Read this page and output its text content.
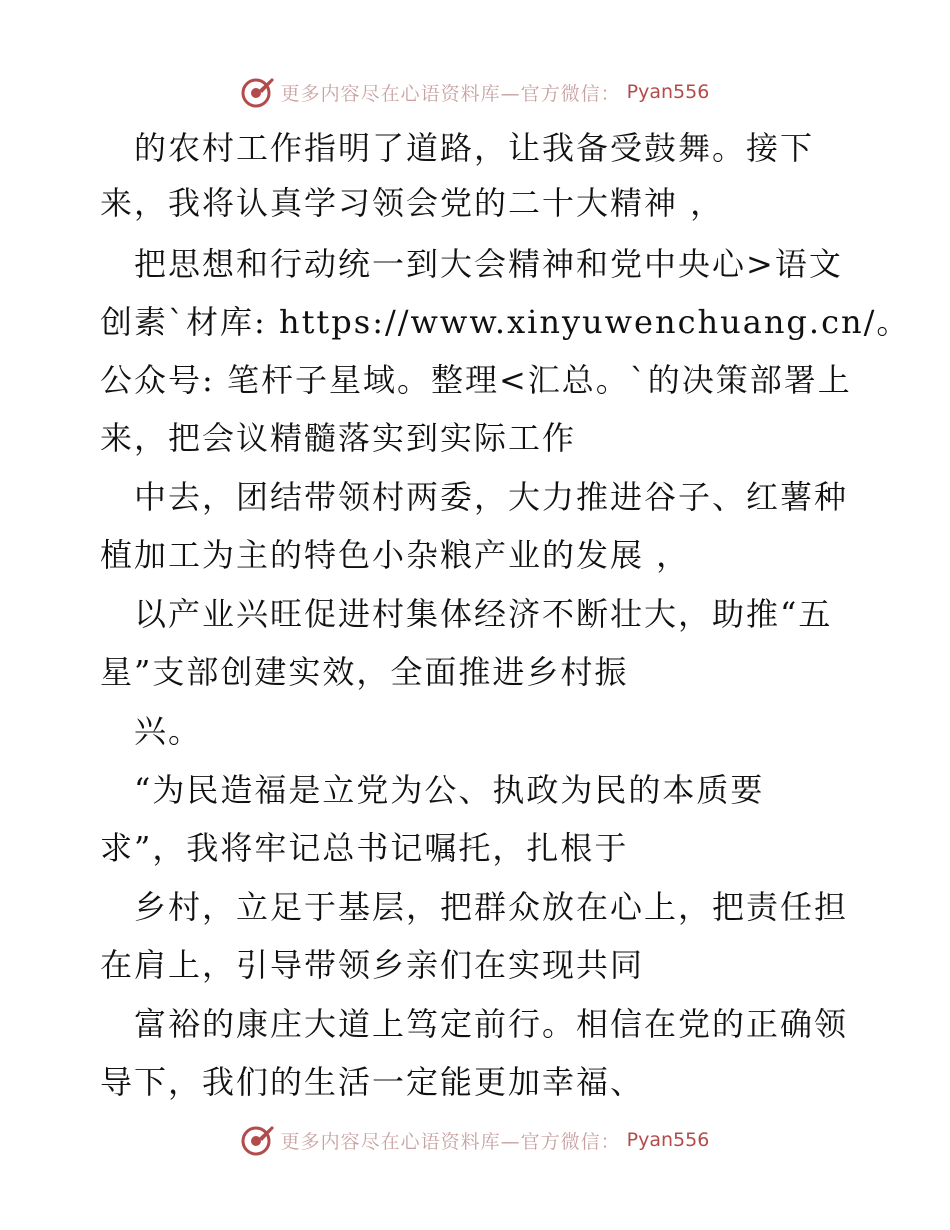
更多内容尽在心语资料库—官方微信： Pyan556
的农村工作指明了道路，让我备受鼓舞。接下
来，我将认真学习领会党的二十大精神 ，
把思想和行动统一到大会精神和党中央心>语文
创素`材库: https://www.xinyuwenchuang.cn/。
公众号: 笔杆子星域。整理<汇总。`的决策部署上
来，把会议精髓落实到实际工作
中去，团结带领村两委，大力推进谷子、红薯种
植加工为主的特色小杂粮产业的发展 ，
以产业兴旺促进村集体经济不断壮大，助推“五
星”支部创建实效，全面推进乡村振
兴。
“为民造福是立党为公、执政为民的本质要
求”，我将牢记总书记嘱托，扎根于
乡村，立足于基层，把群众放在心上，把责任担
在肩上，引导带领乡亲们在实现共同
富裕的康庄大道上笃定前行。相信在党的正确领
导下，我们的生活一定能更加幸福、
更多内容尽在心语资料库—官方微信： Pyan556
